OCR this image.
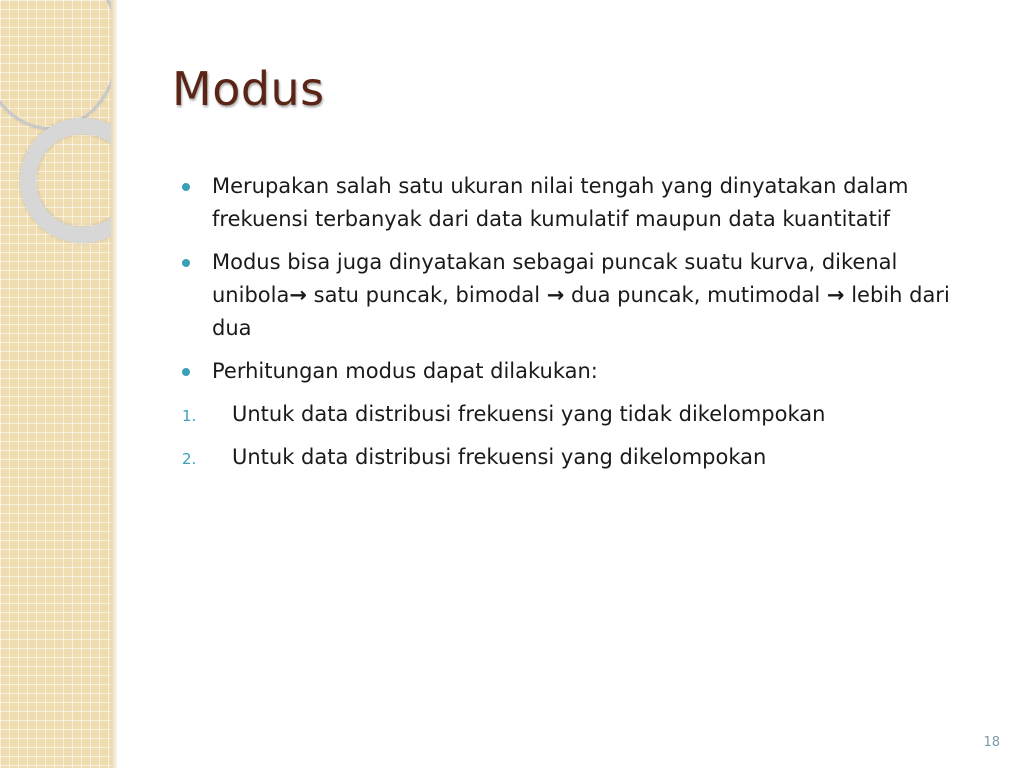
Modus
Merupakan salah satu ukuran nilai tengah yang dinyatakan dalam frekuensi terbanyak dari data kumulatif maupun data kuantitatif
Modus bisa juga dinyatakan sebagai puncak suatu kurva, dikenal unibola→ satu puncak, bimodal → dua puncak, mutimodal → lebih dari dua
Perhitungan modus dapat dilakukan:
1. Untuk data distribusi frekuensi yang tidak dikelompokan
2. Untuk data distribusi frekuensi yang dikelompokan
18
